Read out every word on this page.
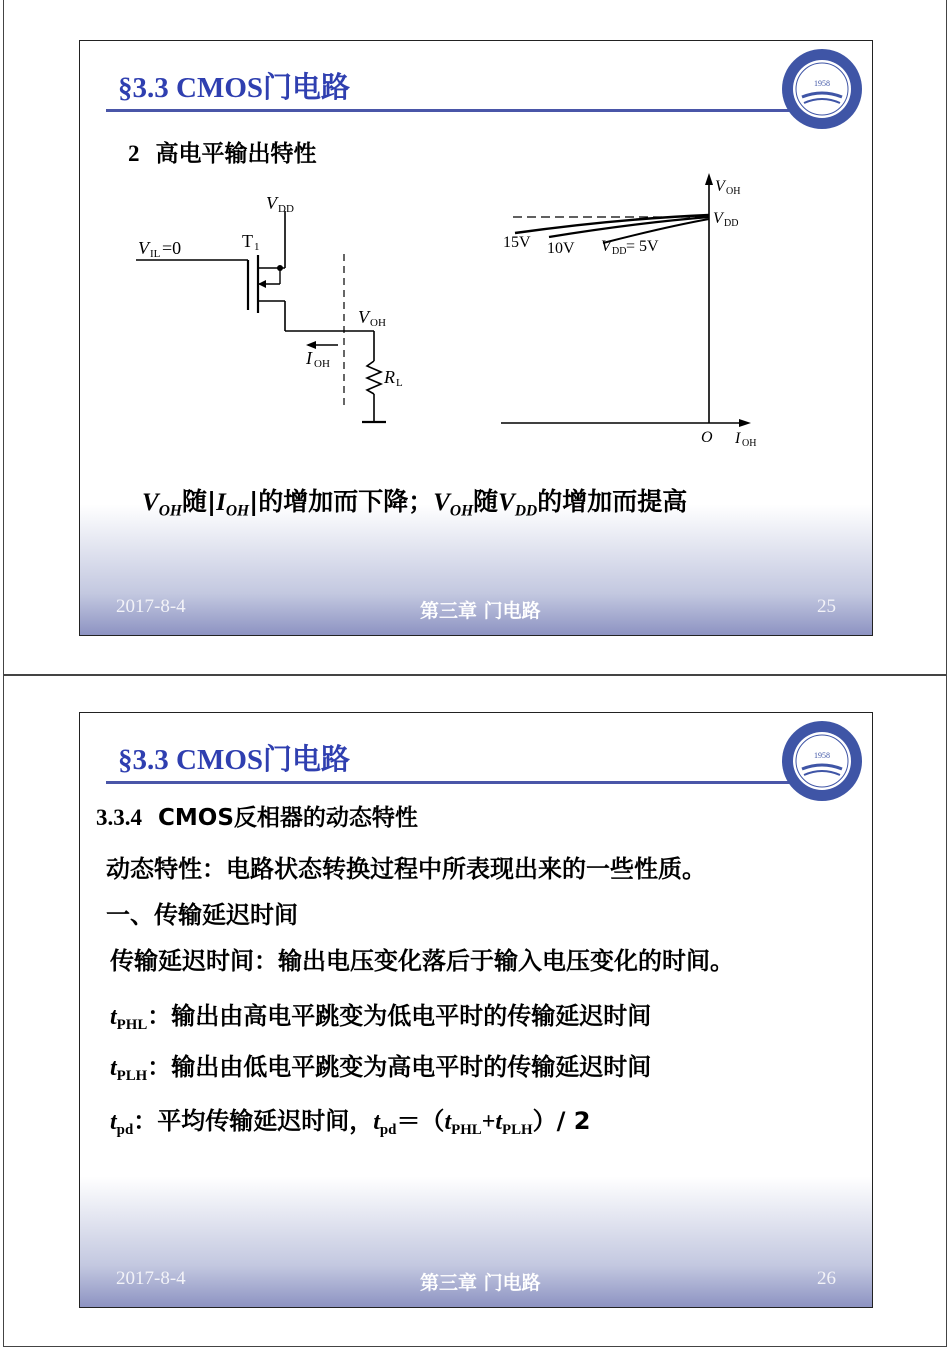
§3.3 CMOS门电路	1958
2 高电平输出特性
V DD
V IL =0	T 1
V OH
I OH
R L
V OH
V DD
15V 10V V DD = 5V
O I OH
$V_{OH}$随$|I_{OH}|$的增加而下降；$V_{OH}$随$V_{DD}$的增加而提高
2017-8-4	第三章 门电路	25
§3.3 CMOS门电路	1958
3.3.4 CMOS反相器的动态特性
动态特性：电路状态转换过程中所表现出来的一些性质。
一、传输延迟时间
传输延迟时间：输出电压变化落后于输入电压变化的时间。
$t_{PHL}$：输出由高电平跳变为低电平时的传输延迟时间
$t_{PLH}$：输出由低电平跳变为高电平时的传输延迟时间
$t_{pd}$：平均传输延迟时间，$t_{pd}=(t_{PHL}+t_{PLH})/$ 2
2017-8-4	第三章 门电路	26
